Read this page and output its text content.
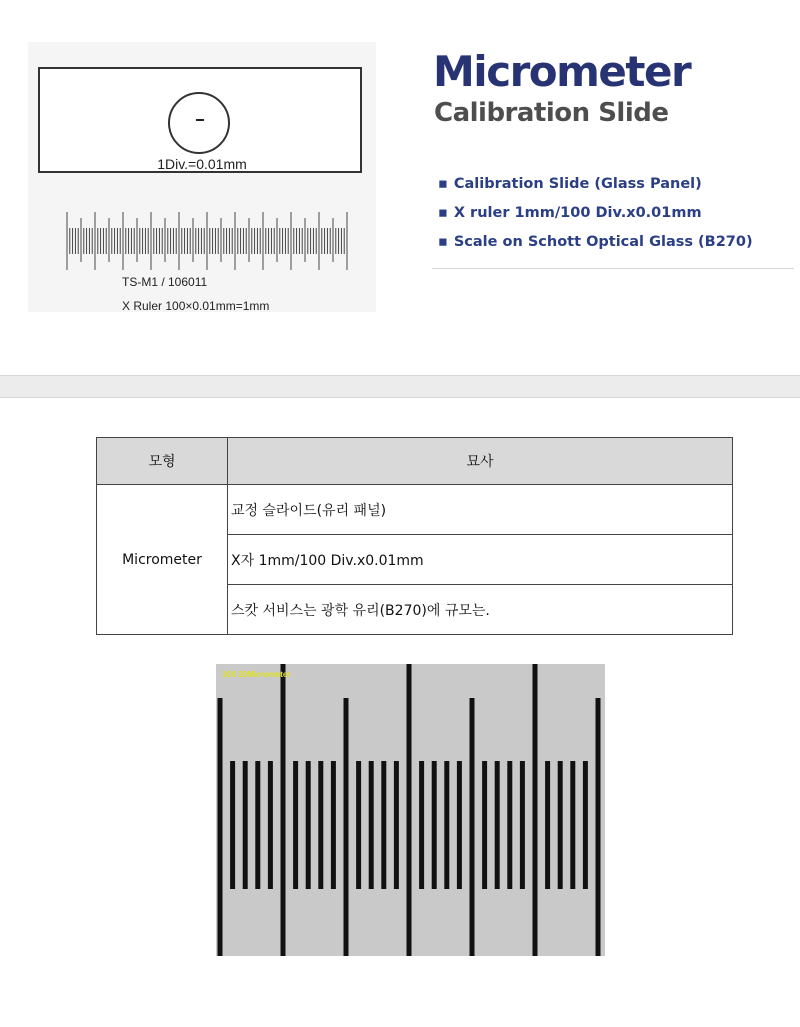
1Div.=0.01mm
TS-M1 / 106011
X Ruler 100×0.01mm=1mm
Micrometer
Calibration Slide
▪ Calibration Slide (Glass Panel)
▪ X ruler 1mm/100 Div.x0.01mm
▪ Scale on Schott Optical Glass (B270)
모형	묘사
Micrometer	교정 슬라이드(유리 패널)
	X자 1mm/100 Div.x0.01mm
	스캇 서비스는 광학 유리(B270)에 규모는.
10X 20Micrometer
